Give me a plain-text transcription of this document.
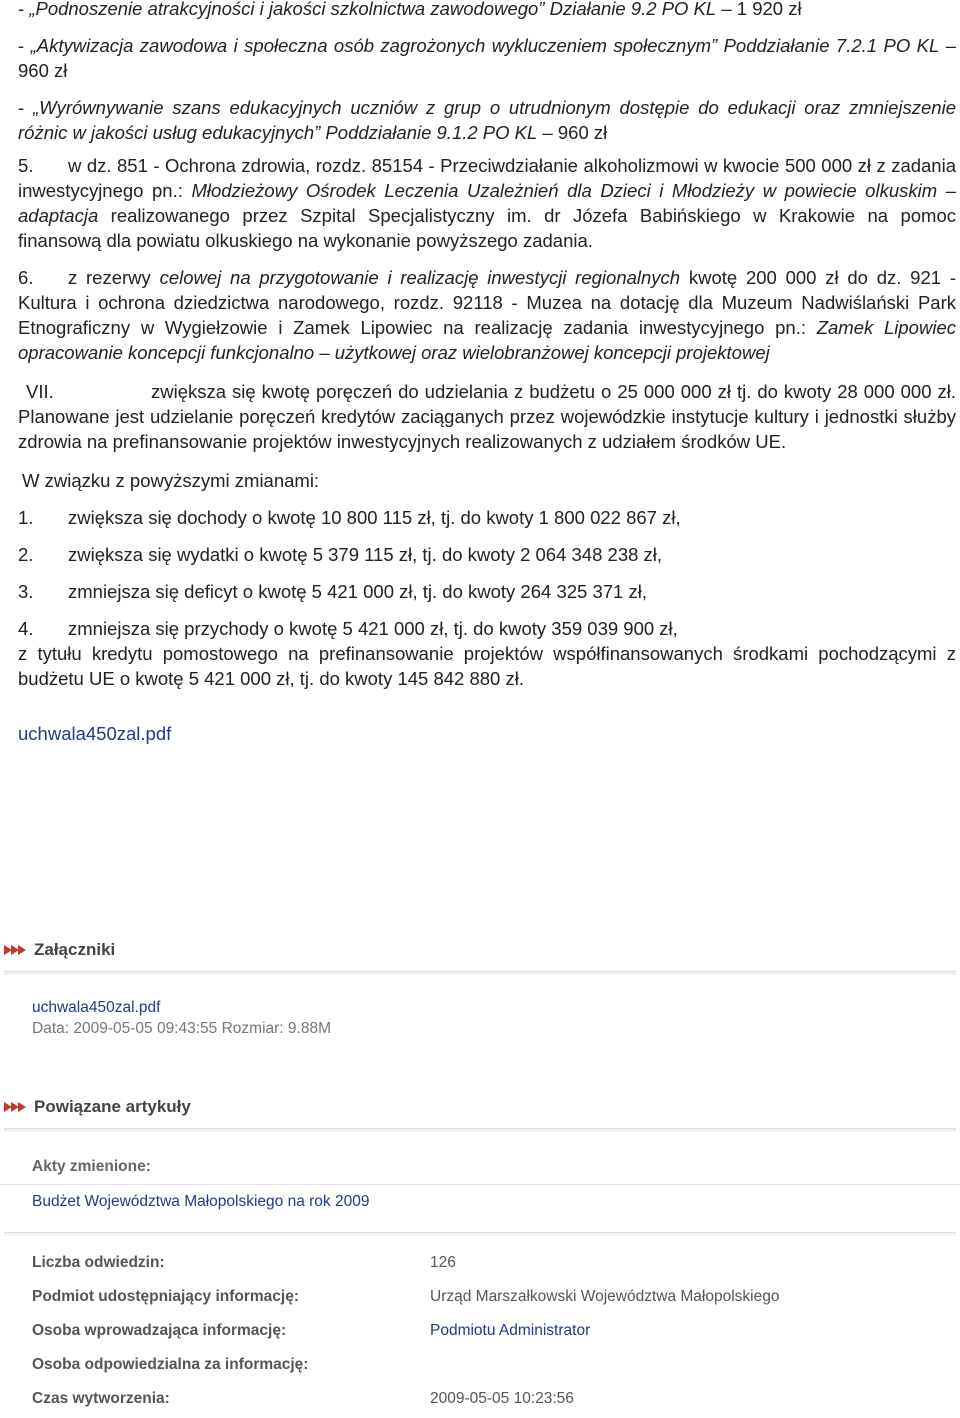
- „Podnoszenie atrakcyjności i jakości szkolnictwa zawodowego” Działanie 9.2 PO KL – 1 920 zł

- „Aktywizacja zawodowa i społeczna osób zagrożonych wykluczeniem społecznym” Poddziałanie 7.2.1 PO KL – 960 zł

- „Wyrównywanie szans edukacyjnych uczniów z grup o utrudnionym dostępie do edukacji oraz zmniejszenie różnic w jakości usług edukacyjnych” Poddziałanie 9.1.2 PO KL – 960 zł

5. w dz. 851 - Ochrona zdrowia, rozdz. 85154 - Przeciwdziałanie alkoholizmowi w kwocie 500 000 zł z zadania inwestycyjnego pn.: Młodzieżowy Ośrodek Leczenia Uzależnień dla Dzieci i Młodzieży w powiecie olkuskim – adaptacja realizowanego przez Szpital Specjalistyczny im. dr Józefa Babińskiego w Krakowie na pomoc finansową dla powiatu olkuskiego na wykonanie powyższego zadania.

6. z rezerwy celowej na przygotowanie i realizację inwestycji regionalnych kwotę 200 000 zł do dz. 921 - Kultura i ochrona dziedzictwa narodowego, rozdz. 92118 - Muzea na dotację dla Muzeum Nadwiślański Park Etnograficzny w Wygiełzowie i Zamek Lipowiec na realizację zadania inwestycyjnego pn.: Zamek Lipowiec opracowanie koncepcji funkcjonalno – użytkowej oraz wielobranżowej koncepcji projektowej

VII.	zwiększa się kwotę poręczeń do udzielania z budżetu o 25 000 000 zł tj. do kwoty 28 000 000 zł. Planowane jest udzielanie poręczeń kredytów zaciąganych przez wojewódzkie instytucje kultury i jednostki służby zdrowia na prefinansowanie projektów inwestycyjnych realizowanych z udziałem środków UE.

W związku z powyższymi zmianami:

1. zwiększa się dochody o kwotę 10 800 115 zł, tj. do kwoty 1 800 022 867 zł,

2. zwiększa się wydatki o kwotę 5 379 115 zł, tj. do kwoty 2 064 348 238 zł,

3. zmniejsza się deficyt o kwotę 5 421 000 zł, tj. do kwoty 264 325 371 zł,

4. zmniejsza się przychody o kwotę 5 421 000 zł, tj. do kwoty 359 039 900 zł,

z tytułu kredytu pomostowego na prefinansowanie projektów współfinansowanych środkami pochodzącymi z budżetu UE o kwotę 5 421 000 zł, tj. do kwoty 145 842 880 zł.

uchwala450zal.pdf
Załączniki
uchwala450zal.pdf
Data: 2009-05-05 09:43:55 Rozmiar: 9.88M
Powiązane artykuły
Akty zmienione:
Budżet Województwa Małopolskiego na rok 2009
Liczba odwiedzin:	126
Podmiot udostępniający informację:	Urząd Marszałkowski Województwa Małopolskiego
Osoba wprowadzająca informację:	Podmiotu Administrator
Osoba odpowiedzialna za informację:
Czas wytworzenia:	2009-05-05 10:23:56
